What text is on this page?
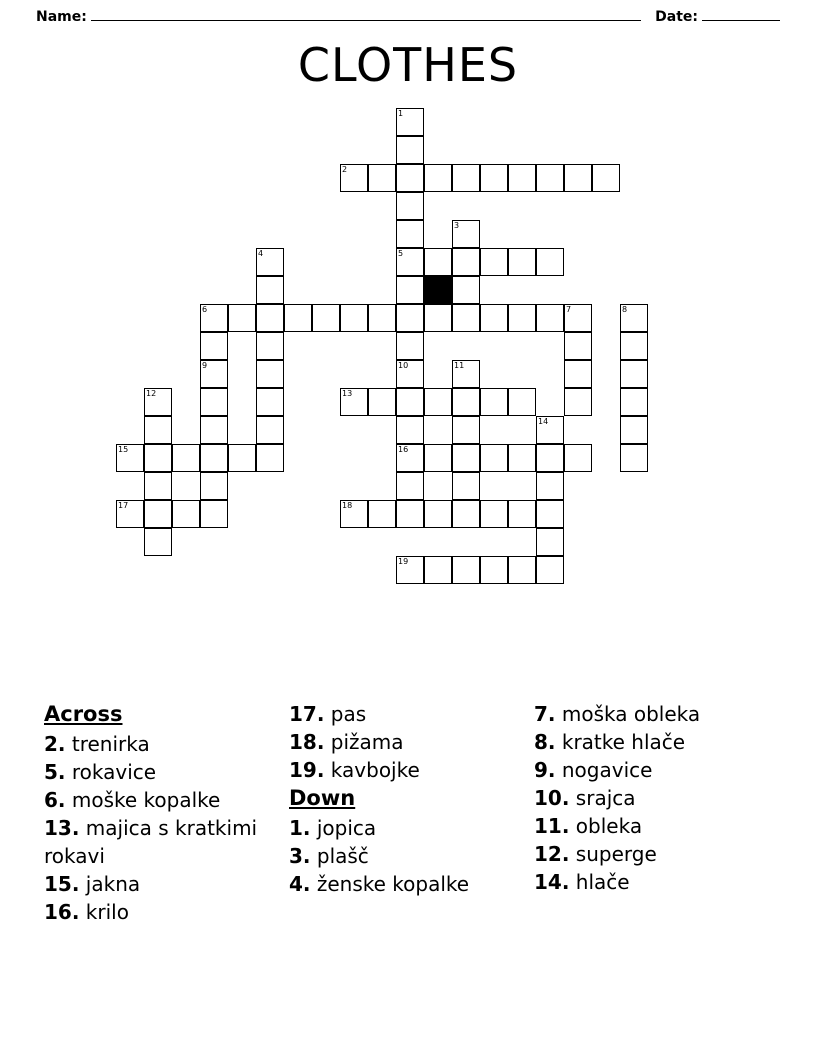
Name:	Date:
CLOTHES
1
2
3
4	5
6	7	8
9	10	11
12	13
14
15	16
17	18
19
Across

2. trenirka

5. rokavice

6. moške kopalke

13. majica s kratkimi rokavi

15. jakna

16. krilo

17. pas

18. pižama

19. kavbojke

Down

1. jopica

3. plašč

4. ženske kopalke

7. moška obleka

8. kratke hlače

9. nogavice

10. srajca

11. obleka

12. superge

14. hlače
